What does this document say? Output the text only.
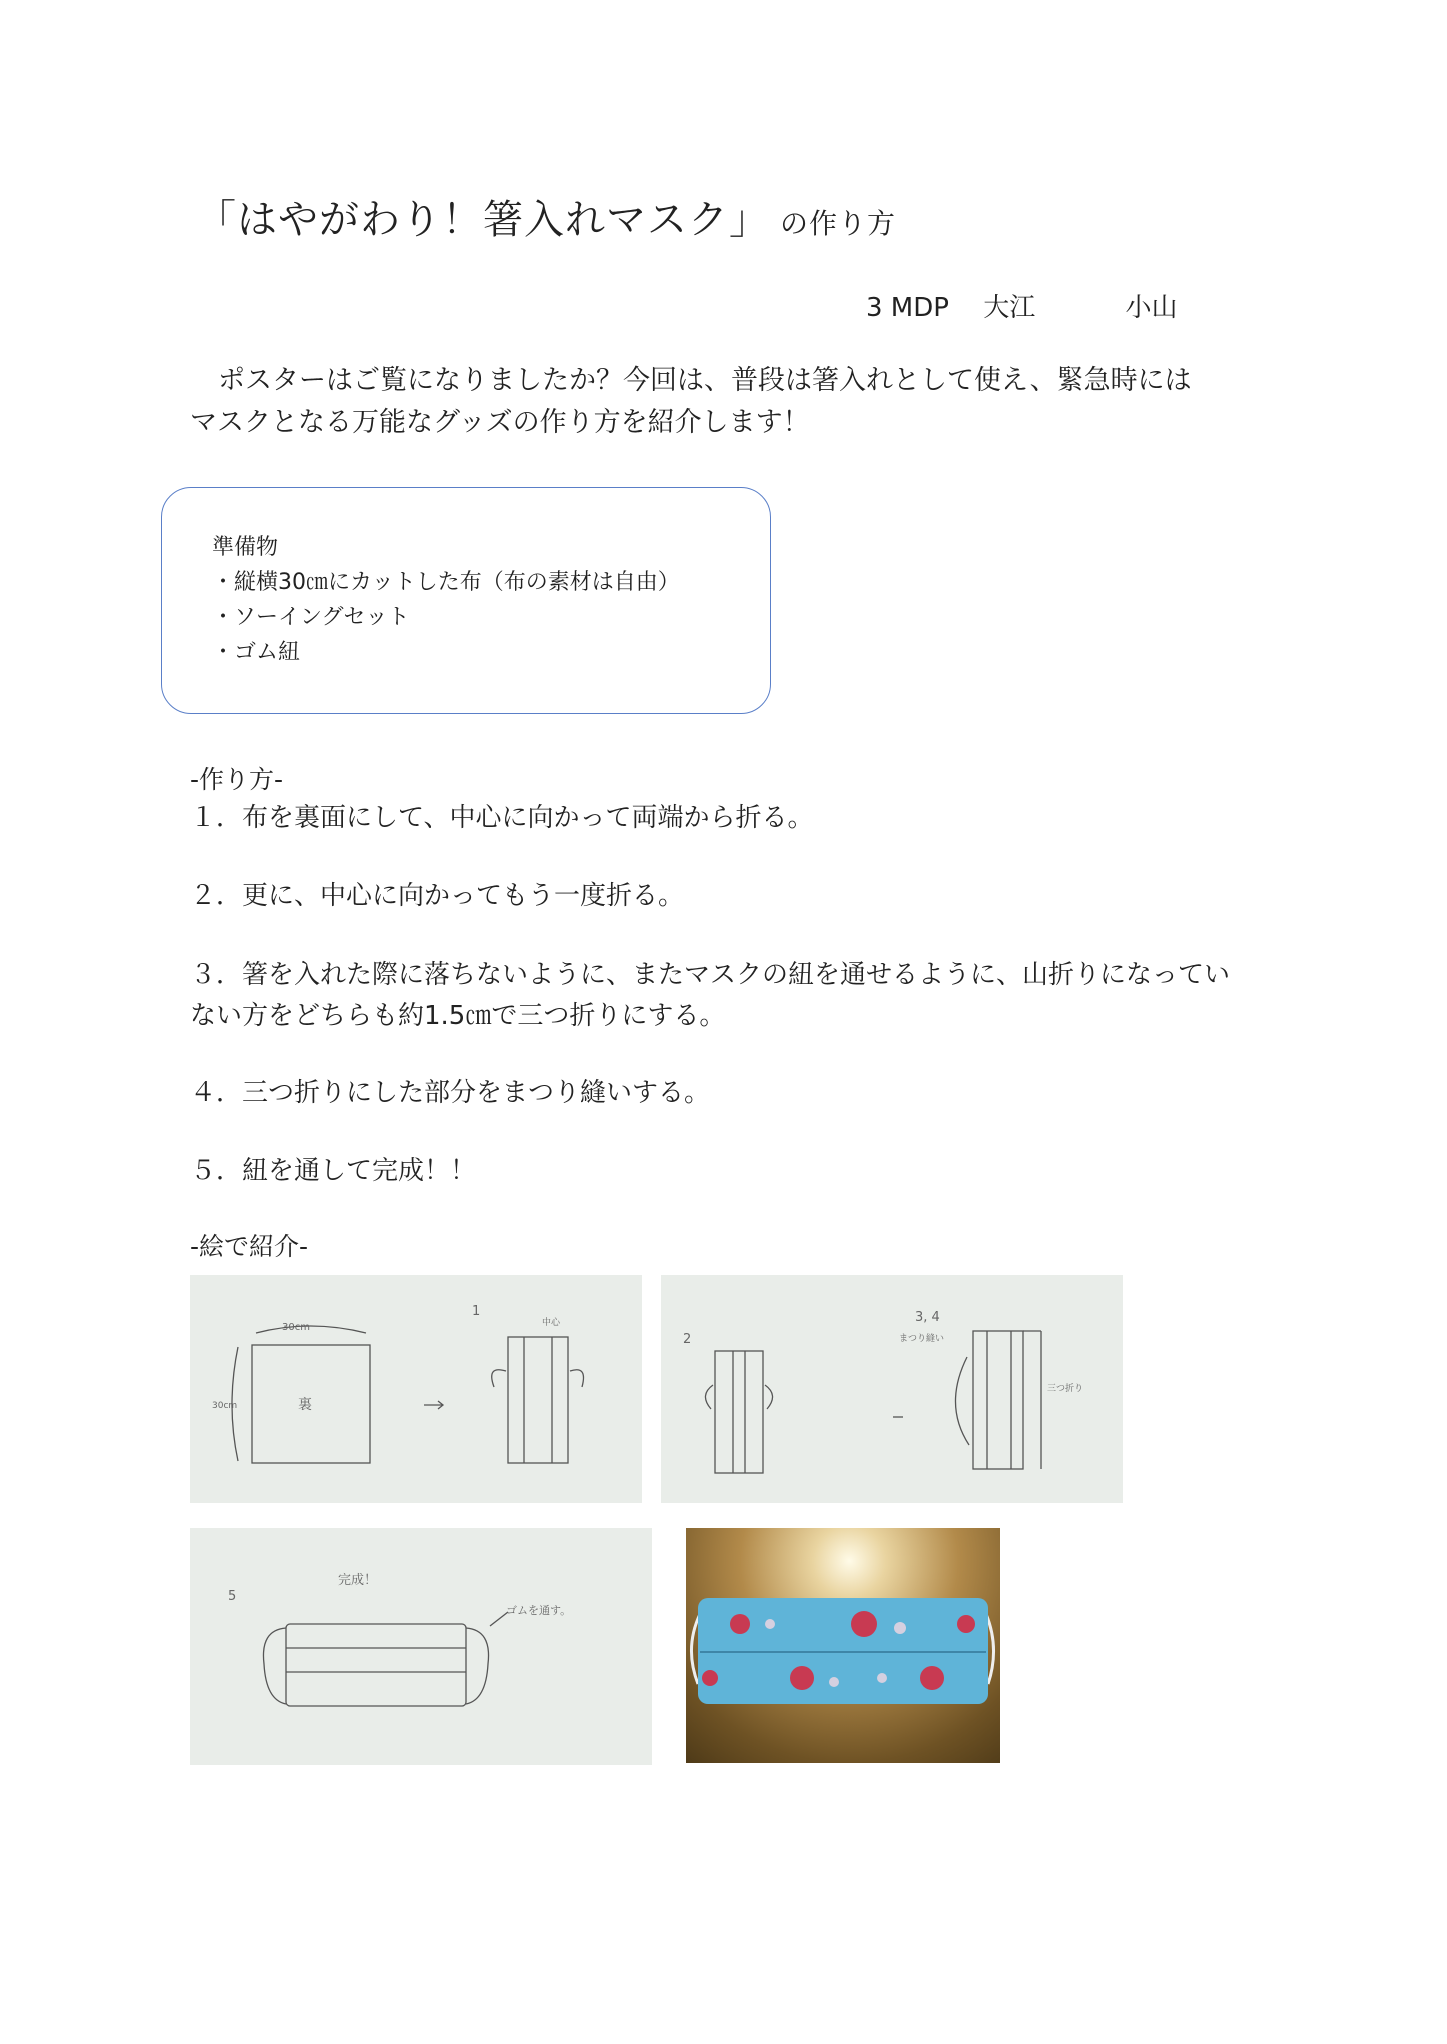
「はやがわり！箸入れマスク」 の作り方
3 MDP 大江	小山

ポスターはご覧になりましたか？今回は、普段は箸入れとして使え、緊急時には

マスクとなる万能なグッズの作り方を紹介します！

準備物
・縦横30㎝にカットした布（布の素材は自由）
・ソーイングセット
・ゴム紐
-作り方-
１．布を裏面にして、中心に向かって両端から折る。
２．更に、中心に向かってもう一度折る。
３．箸を入れた際に落ちないように、またマスクの紐を通せるように、山折りになっていない方をどちらも約1.5㎝で三つ折りにする。
４．三つ折りにした部分をまつり縫いする。
５．紐を通して完成！！
-絵で紹介-
30cm
30cm	裏
1
中心
2
3, 4
まつり縫い
三つ折り
5
完成！
ゴムを通す。
